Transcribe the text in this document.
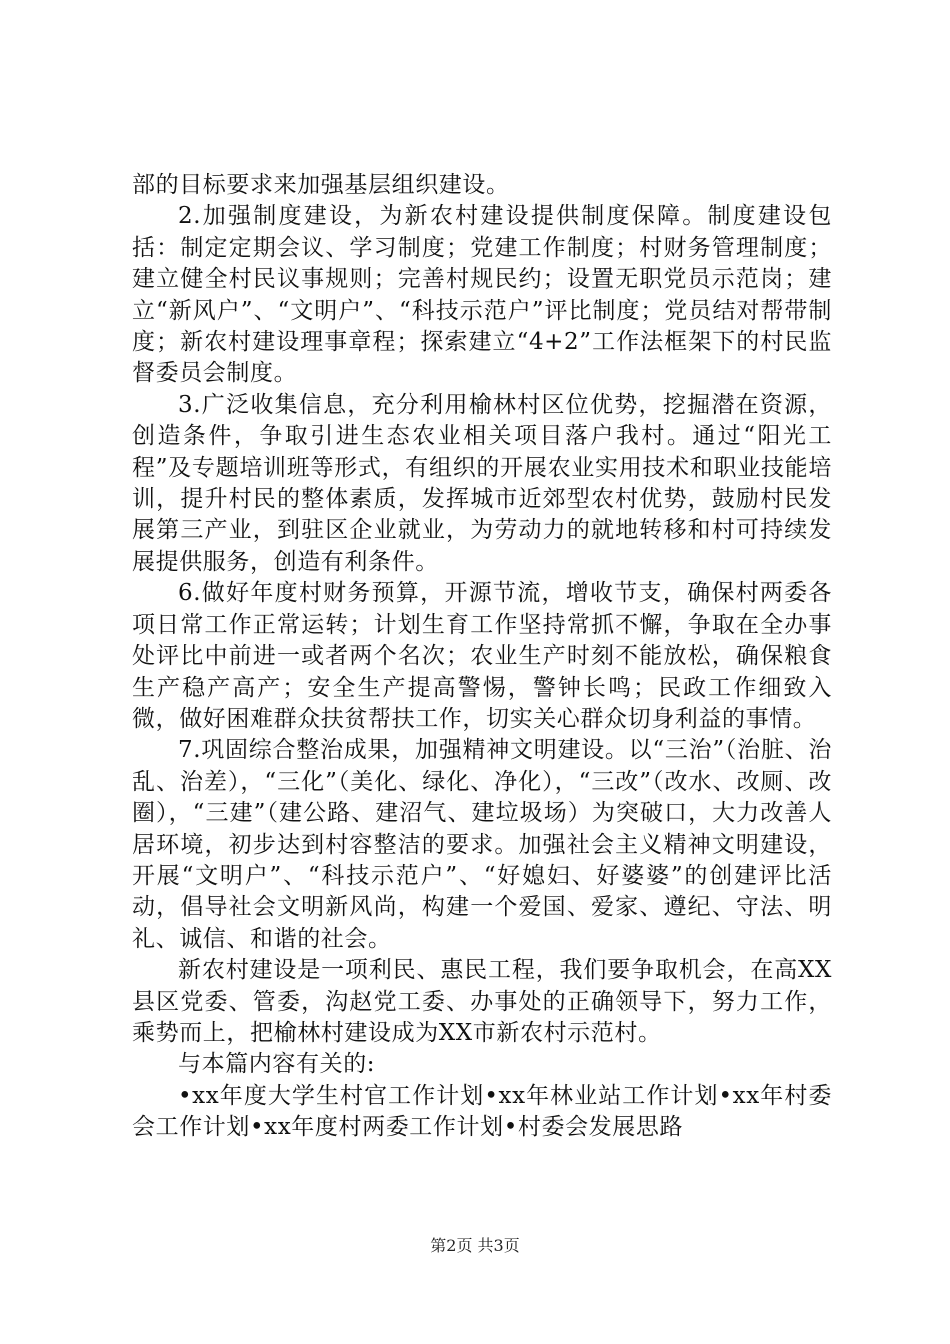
部的目标要求来加强基层组织建设。

2.加强制度建设，为新农村建设提供制度保障。制度建设包括：制定定期会议、学习制度；党建工作制度；村财务管理制度；建立健全村民议事规则；完善村规民约；设置无职党员示范岗；建立“新风户”、“文明户”、“科技示范户”评比制度；党员结对帮带制度；新农村建设理事章程；探索建立“4+2”工作法框架下的村民监督委员会制度。

3.广泛收集信息，充分利用榆林村区位优势，挖掘潜在资源，创造条件，争取引进生态农业相关项目落户我村。通过“阳光工程”及专题培训班等形式，有组织的开展农业实用技术和职业技能培训，提升村民的整体素质，发挥城市近郊型农村优势，鼓励村民发展第三产业，到驻区企业就业，为劳动力的就地转移和村可持续发展提供服务，创造有利条件。

6.做好年度村财务预算，开源节流，增收节支，确保村两委各项日常工作正常运转；计划生育工作坚持常抓不懈，争取在全办事处评比中前进一或者两个名次；农业生产时刻不能放松，确保粮食生产稳产高产；安全生产提高警惕，警钟长鸣；民政工作细致入微，做好困难群众扶贫帮扶工作，切实关心群众切身利益的事情。

7.巩固综合整治成果，加强精神文明建设。以“三治”（治脏、治乱、治差），“三化”（美化、绿化、净化），“三改”（改水、改厕、改圈），“三建”（建公路、建沼气、建垃圾场）为突破口，大力改善人居环境，初步达到村容整洁的要求。加强社会主义精神文明建设，开展“文明户”、“科技示范户”、“好媳妇、好婆婆”的创建评比活动，倡导社会文明新风尚，构建一个爱国、爱家、遵纪、守法、明礼、诚信、和谐的社会。

新农村建设是一项利民、惠民工程，我们要争取机会，在高XX县区党委、管委，沟赵党工委、办事处的正确领导下，努力工作，乘势而上，把榆林村建设成为XX市新农村示范村。

与本篇内容有关的:

•xx年度大学生村官工作计划•xx年林业站工作计划•xx年村委会工作计划•xx年度村两委工作计划•村委会发展思路

第2页 共3页
